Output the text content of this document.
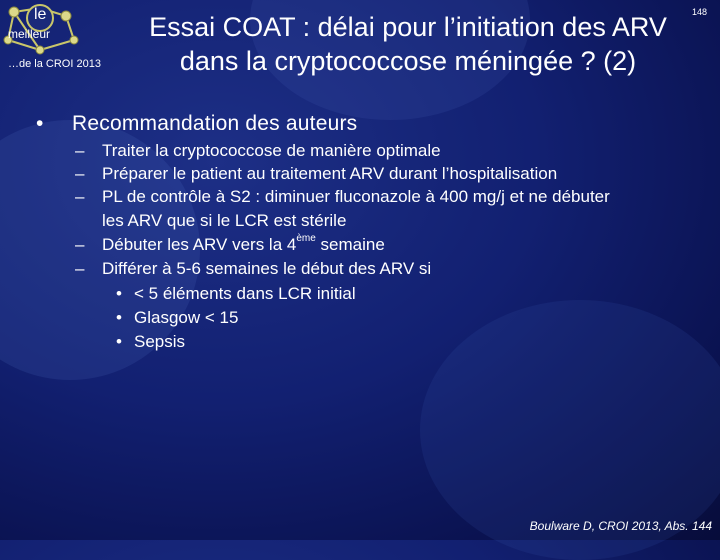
le
meilleur
…de la CROI 2013
148
Essai COAT : délai pour l’initiation des ARV
dans la cryptococcose méningée ? (2)
• Recommandation des auteurs
– Traiter la cryptococcose de manière optimale
– Préparer le patient au traitement ARV durant l’hospitalisation
– PL de contrôle à S2 : diminuer fluconazole à 400 mg/j et ne débuter
les ARV que si le LCR est stérile
– Débuter les ARV vers la 4ème semaine
– Différer à 5-6 semaines le début des ARV si
• < 5 éléments dans LCR initial
• Glasgow < 15
• Sepsis
Boulware D, CROI 2013, Abs. 144
